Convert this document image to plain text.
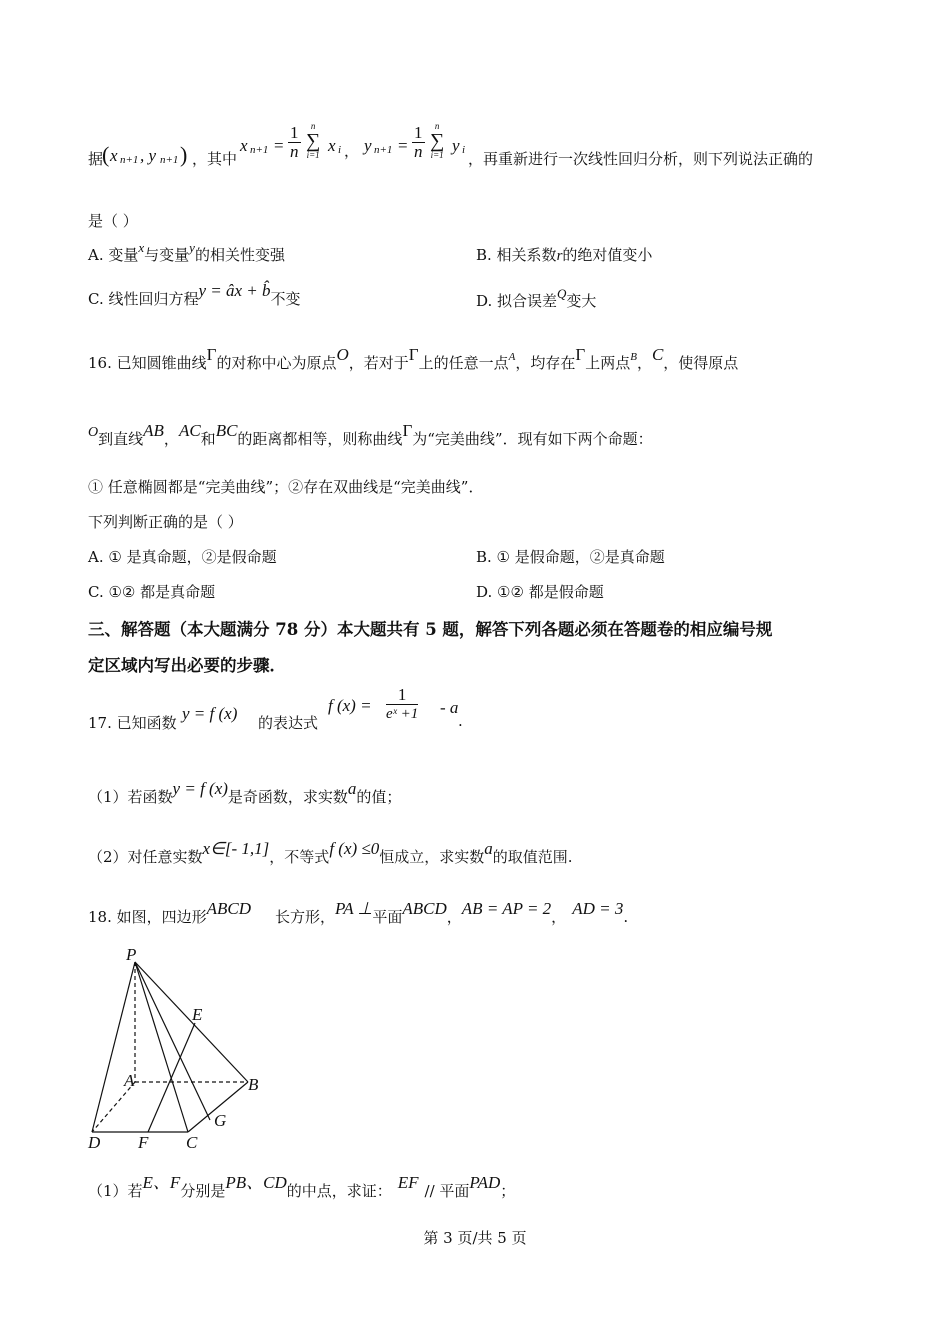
据
( x n+1 , y n+1 ) ，其中
x $n+1 = \frac{1}{n}$	n
∑
i=1 x i ， y $n+1 = \frac{1}{n}$	n
∑
i=1 y i ，再重新进行一次线性回归分析，则下列说法正确的
是（ ）
A. 变量x与变量y的相关性变强	B. 相关系数r的绝对值变小
C. 线性回归方程y = âx + b̂不变	D. 拟合误差Q变大
16. 已知圆锥曲线Γ的对称中心为原点O，若对于Γ上的任意一点$^A$，均存在Γ上两点$^B$，C，使得原点
O到直线AB，AC和BC的距离都相等，则称曲线Γ为“完美曲线”．现有如下两个命题：
① 任意椭圆都是“完美曲线”；②存在双曲线是“完美曲线”．
下列判断正确的是（ ）
A. ① 是真命题，②是假命题	B. ① 是假命题，②是真命题
C. ①② 都是真命题	D. ①② 都是假命题
三、解答题（本大题满分 78 分）本大题共有 5 题，解答下列各题必须在答题卷的相应编号规
定区域内写出必要的步骤．
17. 已知函数 y = f (x) 的表达式
f $(x) = \frac{1}{\text{eˣ +1}} - a$
.
（1）若函数y = f (x)是奇函数，求实数a的值；
（2）对任意实数x∈[- 1,1]，不等式f (x) ≤0恒成立，求实数a的取值范围.
18. 如图，四边形ABCD 长方形，PA ⊥平面ABCD，AB = AP = 2， AD = 3.
P
E
A	B
G
D F C
（1）若E、F分别是PB、CD的中点，求证： EF // 平面PAD；
第 3 页/共 5 页
